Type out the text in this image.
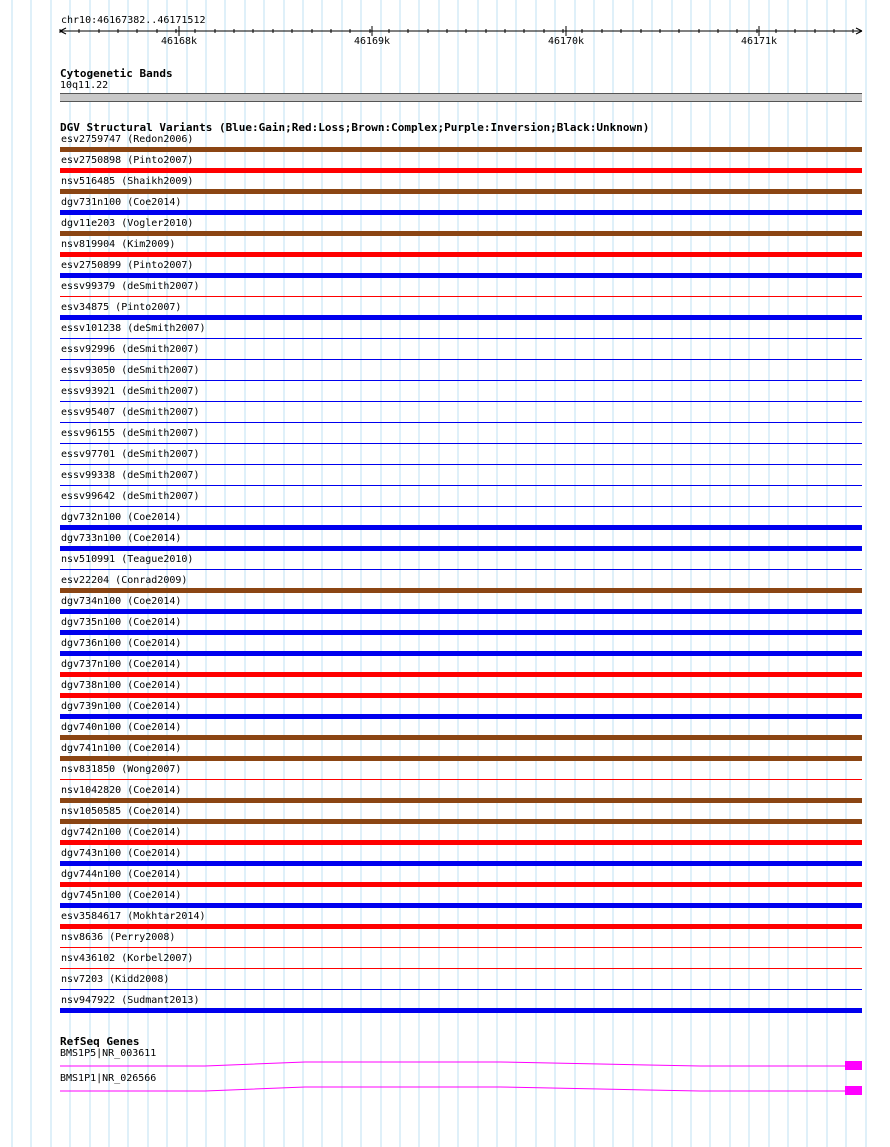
46168k	46169k	46170k	46171k
chr10:46167382..46171512
Cytogenetic Bands
10q11.22
DGV Structural Variants (Blue:Gain;Red:Loss;Brown:Complex;Purple:Inversion;Black:Unknown)
esv2759747 (Redon2006)
esv2750898 (Pinto2007)
nsv516485 (Shaikh2009)
dgv731n100 (Coe2014)
dgv11e203 (Vogler2010)
nsv819904 (Kim2009)
esv2750899 (Pinto2007)
essv99379 (deSmith2007)
esv34875 (Pinto2007)
essv101238 (deSmith2007)
essv92996 (deSmith2007)
essv93050 (deSmith2007)
essv93921 (deSmith2007)
essv95407 (deSmith2007)
essv96155 (deSmith2007)
essv97701 (deSmith2007)
essv99338 (deSmith2007)
essv99642 (deSmith2007)
dgv732n100 (Coe2014)
dgv733n100 (Coe2014)
nsv510991 (Teague2010)
esv22204 (Conrad2009)
dgv734n100 (Coe2014)
dgv735n100 (Coe2014)
dgv736n100 (Coe2014)
dgv737n100 (Coe2014)
dgv738n100 (Coe2014)
dgv739n100 (Coe2014)
dgv740n100 (Coe2014)
dgv741n100 (Coe2014)
nsv831850 (Wong2007)
nsv1042820 (Coe2014)
nsv1050585 (Coe2014)
dgv742n100 (Coe2014)
dgv743n100 (Coe2014)
dgv744n100 (Coe2014)
dgv745n100 (Coe2014)
esv3584617 (Mokhtar2014)
nsv8636 (Perry2008)
nsv436102 (Korbel2007)
nsv7203 (Kidd2008)
nsv947922 (Sudmant2013)
RefSeq Genes
BMS1P5|NR_003611
BMS1P1|NR_026566
